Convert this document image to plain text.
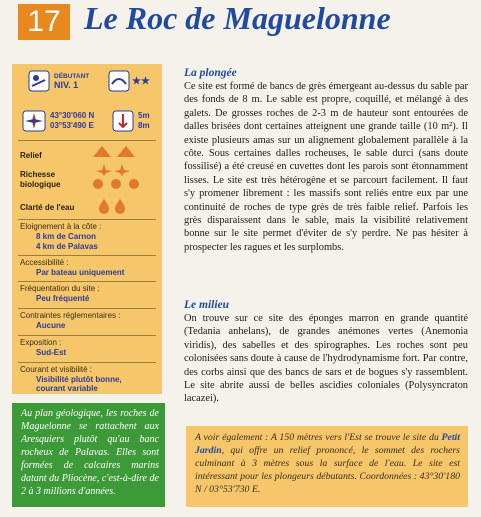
17 Le Roc de Maguelonne
DÉBUTANT
NIV. 1	★★
43°30'060 N
03°53'490 E
5m
8m
Relief
Richesse biologique
Clarté de l'eau
Eloignement à la côte :
8 km de Carnon
4 km de Palavas
Accessibilité :
Par bateau uniquement
Fréquentation du site :
Peu fréquenté
Contraintes réglementaires :
Aucune
Exposition :
Sud-Est
Courant et visibilité :
Visibilité plutôt bonne,
courant variable
Au plan géologique, les roches de Maguelonne se rattachent aux Aresquiers plutôt qu'au banc rocheux de Palavas. Elles sont formées de calcaires marins datant du Pliocène, c'est-à-dire de 2 à 3 millions d'années.
La plongée
Ce site est formé de bancs de grès émergeant au-dessus du sable par des fonds de 8 m. Le sable est propre, coquillé, et mélangé à des galets. De grosses roches de 2-3 m de hauteur sont entourées de dalles brisées dont certaines atteignent une grande taille (10 m²). Il existe plusieurs amas sur un alignement globalement parallèle à la côte. Sous certaines dalles rocheuses, le sable durci (sans doute fossilisé) a été creusé en cuvettes dont les parois sont étonnamment lisses. Le site est très hétérogène et se parcourt facilement. Il faut s'y promener librement : les massifs sont reliés entre eux par une continuité de roches de type grès de très faible relief. Parfois les grès disparaissent dans le sable, mais la visibilité relativement bonne sur le site permet d'éviter de s'y perdre. Ne pas hésiter à prospecter les ragues et les surplombs.
Le milieu
On trouve sur ce site des éponges marron en grande quantité (Tedania anhelans), de grandes anémones vertes (Anemonia viridis), des sabelles et des spirographes. Les roches sont peu colonisées sans doute à cause de l'hydrodynamisme fort. Par contre, des corbs ainsi que des bancs de sars et de bogues s'y rassemblent. Le site abrite aussi de belles ascidies coloniales (Polysyncraton lacazei).
A voir également : A 150 mètres vers l'Est se trouve le site du Petit Jardin, qui offre un relief prononcé, le sommet des rochers culminant à 3 mètres sous la surface de l'eau. Le site est intéressant pour les plongeurs débutants. Coordonnées : 43°30'180 N / 03°53'730 E.
